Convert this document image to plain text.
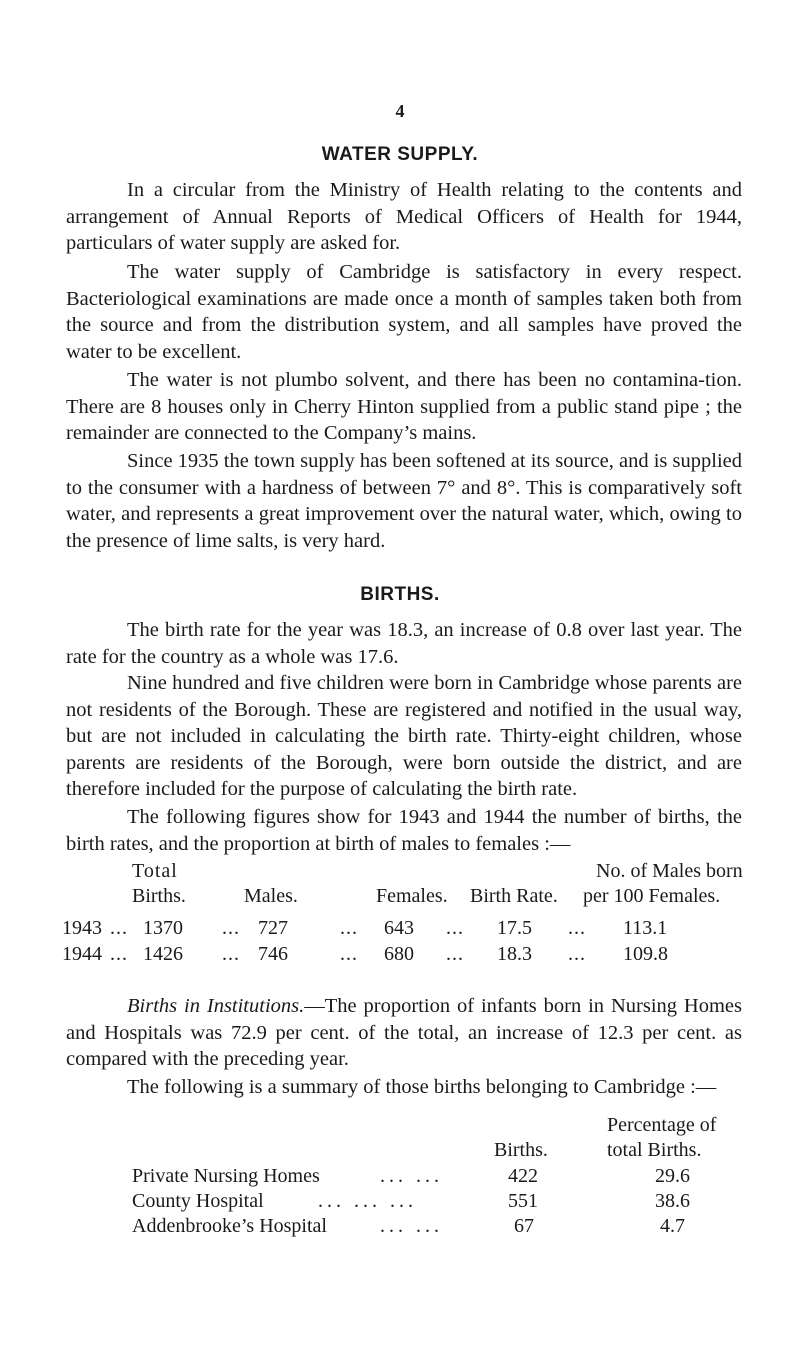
4
WATER SUPPLY.

In a circular from the Ministry of Health relating to the contents and arrangement of Annual Reports of Medical Officers of Health for 1944, particulars of water supply are asked for.

The water supply of Cambridge is satisfactory in every respect. Bacteriological examinations are made once a month of samples taken both from the source and from the distribution system, and all samples have proved the water to be excellent.

The water is not plumbo solvent, and there has been no contamina-tion. There are 8 houses only in Cherry Hinton supplied from a public stand pipe ; the remainder are connected to the Company’s mains.

Since 1935 the town supply has been softened at its source, and is supplied to the consumer with a hardness of between 7° and 8°. This is comparatively soft water, and represents a great improvement over the natural water, which, owing to the presence of lime salts, is very hard.

BIRTHS.

The birth rate for the year was 18.3, an increase of 0.8 over last year. The rate for the country as a whole was 17.6.

Nine hundred and five children were born in Cambridge whose parents are not residents of the Borough. These are registered and notified in the usual way, but are not included in calculating the birth rate. Thirty-eight children, whose parents are residents of the Borough, were born outside the district, and are therefore included for the purpose of calculating the birth rate.

The following figures show for 1943 and 1944 the number of births, the birth rates, and the proportion at birth of males to females :—

Total
Births.	Males.	Females. Birth Rate.
No. of Males born
per 100 Females.
1943 ... 1370 ... 727	... 643 ... 17.5 ... 113.1
1944 ... 1426 ... 746	... 680 ... 18.3 ... 109.8

Births in Institutions.—The proportion of infants born in Nursing Homes and Hospitals was 72.9 per cent. of the total, an increase of 12.3 per cent. as compared with the preceding year.

The following is a summary of those births belonging to Cambridge :—

Percentage of
Births.	total Births.
Private Nursing Homes	... ...	422	29.6
County Hospital	... ... ...	551	38.6
Addenbrooke’s Hospital	... ...	67	4.7
